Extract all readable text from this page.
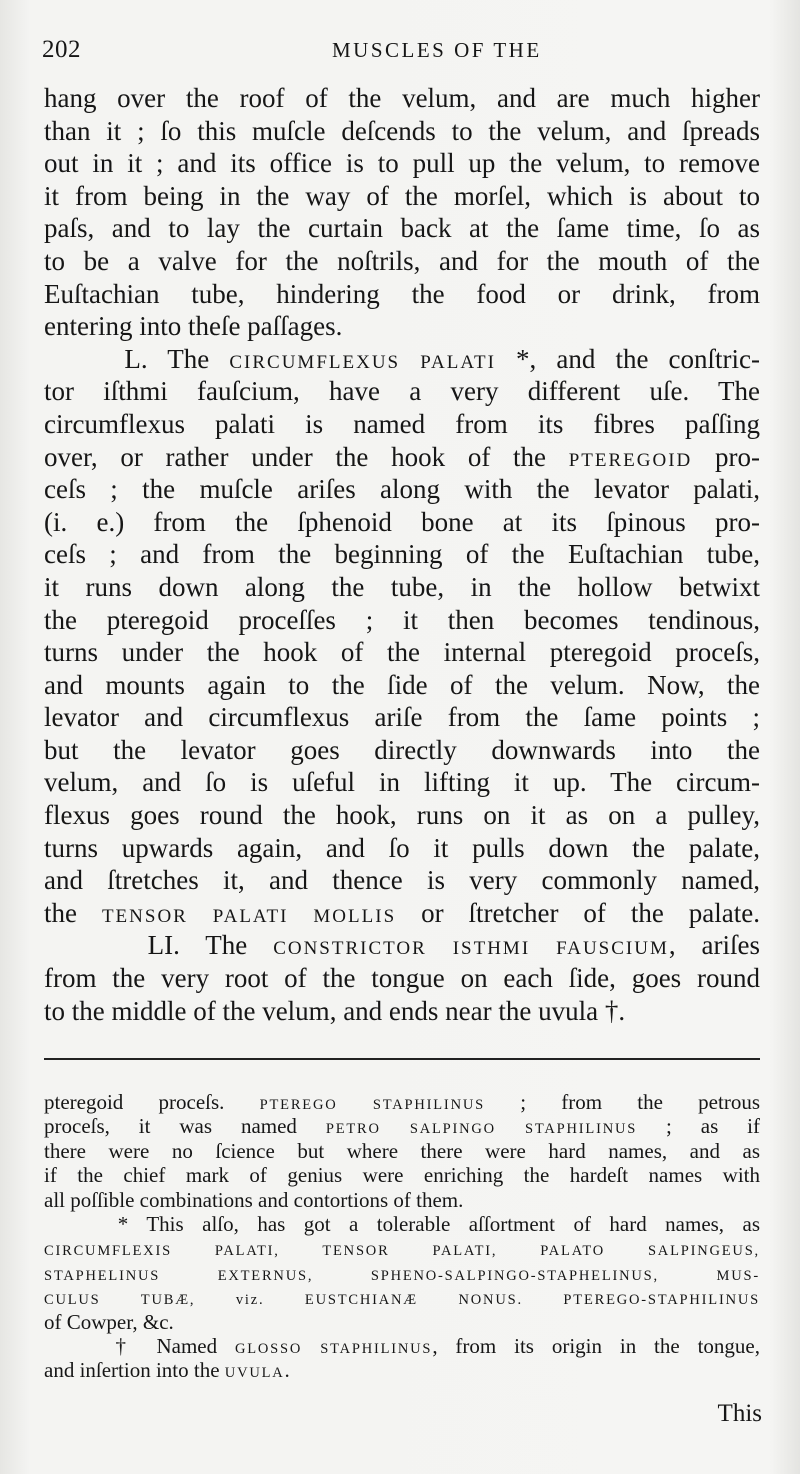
202	MUSCLES OF THE
hang over the roof of the velum, and are much higher
than it ; ſo this muſcle deſcends to the velum, and ſpreads
out in it ; and its office is to pull up the velum, to remove
it from being in the way of the morſel, which is about to
paſs, and to lay the curtain back at the ſame time, ſo as
to be a valve for the noſtrils, and for the mouth of the
Euſtachian tube, hindering the food or drink, from
entering into theſe paſſages.
L. The CIRCUMFLEXUS PALATI *, and the conſtric-
tor iſthmi fauſcium, have a very different uſe. The
circumflexus palati is named from its fibres paſſing
over, or rather under the hook of the PTEREGOID pro-
ceſs ; the muſcle ariſes along with the levator palati,
(i. e.) from the ſphenoid bone at its ſpinous pro-
ceſs ; and from the beginning of the Euſtachian tube,
it runs down along the tube, in the hollow betwixt
the pteregoid proceſſes ; it then becomes tendinous,
turns under the hook of the internal pteregoid proceſs,
and mounts again to the ſide of the velum. Now, the
levator and circumflexus ariſe from the ſame points ;
but the levator goes directly downwards into the
velum, and ſo is uſeful in lifting it up. The circum-
flexus goes round the hook, runs on it as on a pulley,
turns upwards again, and ſo it pulls down the palate,
and ſtretches it, and thence is very commonly named,
the TENSOR PALATI MOLLIS or ſtretcher of the palate.
LI. The CONSTRICTOR ISTHMI FAUSCIUM, ariſes
from the very root of the tongue on each ſide, goes round
to the middle of the velum, and ends near the uvula †.
pteregoid proceſs. PTEREGO STAPHILINUS ; from the petrous
proceſs, it was named PETRO SALPINGO STAPHILINUS ; as if
there were no ſcience but where there were hard names, and as
if the chief mark of genius were enriching the hardeſt names with
all poſſible combinations and contortions of them.
* This alſo, has got a tolerable aſſortment of hard names, as
CIRCUMFLEXIS PALATI, TENSOR PALATI, PALATO SALPINGEUS,
STAPHELINUS EXTERNUS, SPHENO-SALPINGO-STAPHELINUS, MUS-
CULUS TUBÆ, viz. EUSTCHIANÆ NONUS. PTEREGO-STAPHILINUS
of Cowper, &c.
† Named GLOSSO STAPHILINUS, from its origin in the tongue,
and inſertion into the UVULA.
This
